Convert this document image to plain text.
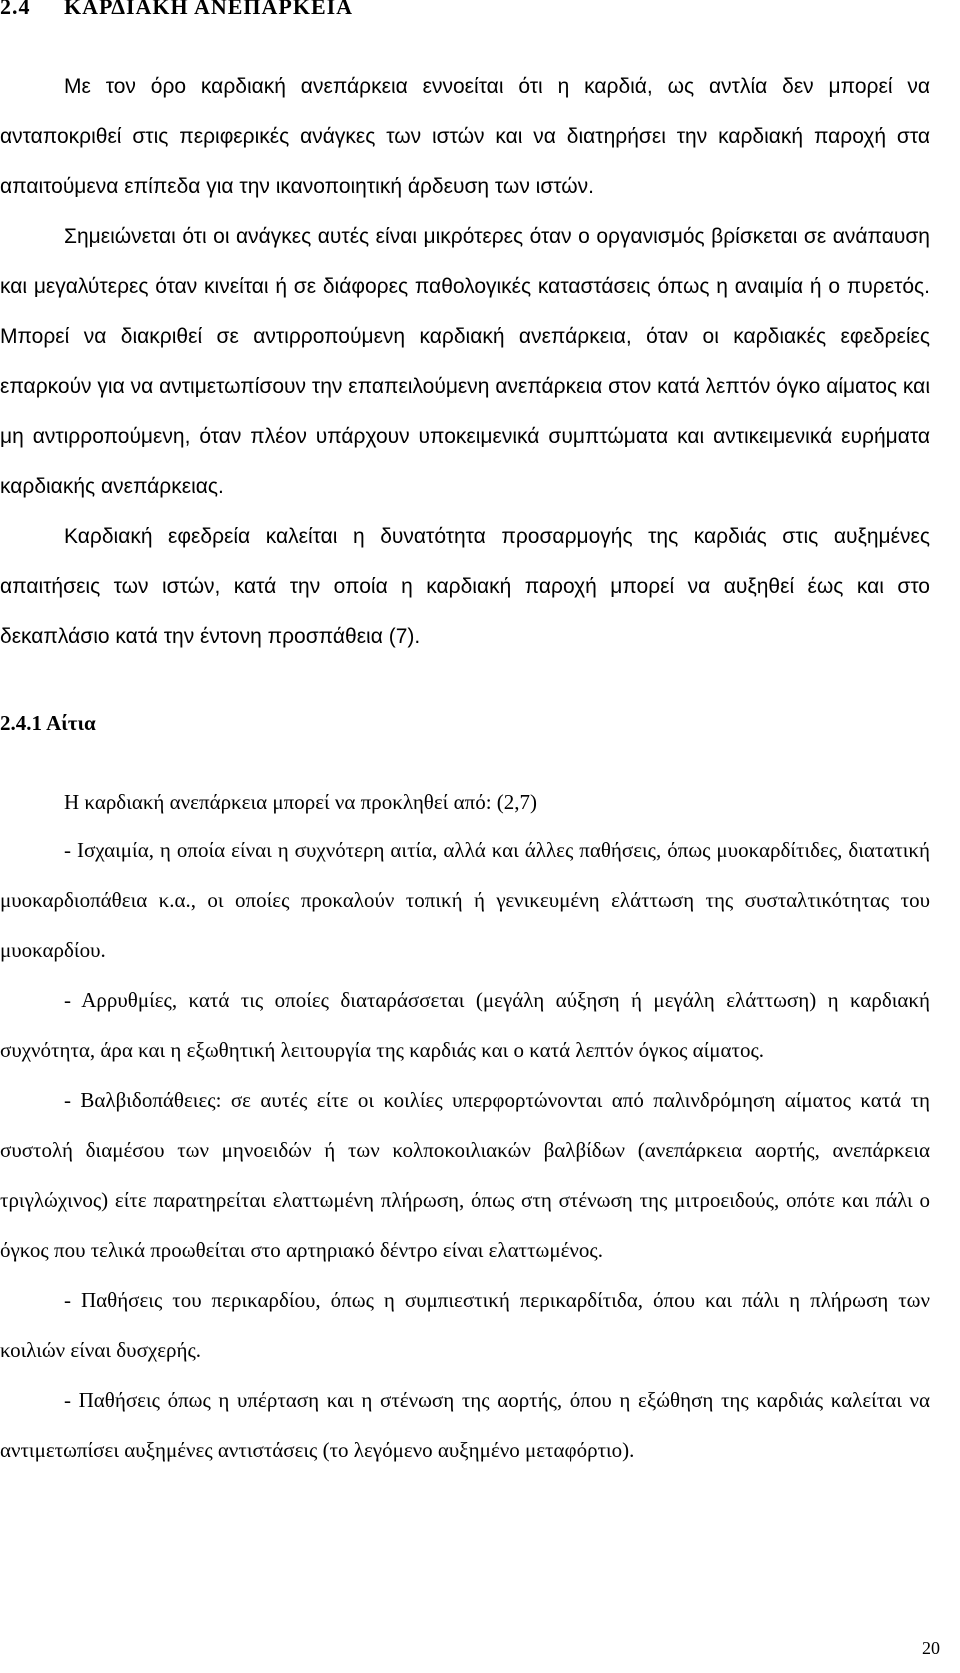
2.4 ΚΑΡΔΙΑΚΗ ΑΝΕΠΑΡΚΕΙΑ

Με τον όρο καρδιακή ανεπάρκεια εννοείται ότι η καρδιά, ως αντλία δεν μπορεί να ανταποκριθεί στις περιφερικές ανάγκες των ιστών και να διατηρήσει την καρδιακή παροχή στα απαιτούμενα επίπεδα για την ικανοποιητική άρδευση των ιστών.

Σημειώνεται ότι οι ανάγκες αυτές είναι μικρότερες όταν ο οργανισμός βρίσκεται σε ανάπαυση και μεγαλύτερες όταν κινείται ή σε διάφορες παθολογικές καταστάσεις όπως η αναιμία ή ο πυρετός. Μπορεί να διακριθεί σε αντιρροπούμενη καρδιακή ανεπάρκεια, όταν οι καρδιακές εφεδρείες επαρκούν για να αντιμετωπίσουν την επαπειλούμενη ανεπάρκεια στον κατά λεπτόν όγκο αίματος και μη αντιρροπούμενη, όταν πλέον υπάρχουν υποκειμενικά συμπτώματα και αντικειμενικά ευρήματα καρδιακής ανεπάρκειας.

Καρδιακή εφεδρεία καλείται η δυνατότητα προσαρμογής της καρδιάς στις αυξημένες απαιτήσεις των ιστών, κατά την οποία η καρδιακή παροχή μπορεί να αυξηθεί έως και στο δεκαπλάσιο κατά την έντονη προσπάθεια (7).

2.4.1 Αίτια
Η καρδιακή ανεπάρκεια μπορεί να προκληθεί από: (2,7)

- Ισχαιμία, η οποία είναι η συχνότερη αιτία, αλλά και άλλες παθήσεις, όπως μυοκαρδίτιδες, διατατική μυοκαρδιοπάθεια κ.α., οι οποίες προκαλούν τοπική ή γενικευμένη ελάττωση της συσταλτικότητας του μυοκαρδίου.

- Αρρυθμίες, κατά τις οποίες διαταράσσεται (μεγάλη αύξηση ή μεγάλη ελάττωση) η καρδιακή συχνότητα, άρα και η εξωθητική λειτουργία της καρδιάς και ο κατά λεπτόν όγκος αίματος.

- Βαλβιδοπάθειες: σε αυτές είτε οι κοιλίες υπερφορτώνονται από παλινδρόμηση αίματος κατά τη συστολή διαμέσου των μηνοειδών ή των κολποκοιλιακών βαλβίδων (ανεπάρκεια αορτής, ανεπάρκεια τριγλώχινος) είτε παρατηρείται ελαττωμένη πλήρωση, όπως στη στένωση της μιτροειδούς, οπότε και πάλι ο όγκος που τελικά προωθείται στο αρτηριακό δέντρο είναι ελαττωμένος.

- Παθήσεις του περικαρδίου, όπως η συμπιεστική περικαρδίτιδα, όπου και πάλι η πλήρωση των κοιλιών είναι δυσχερής.

- Παθήσεις όπως η υπέρταση και η στένωση της αορτής, όπου η εξώθηση της καρδιάς καλείται να αντιμετωπίσει αυξημένες αντιστάσεις (το λεγόμενο αυξημένο μεταφόρτιο).

20
